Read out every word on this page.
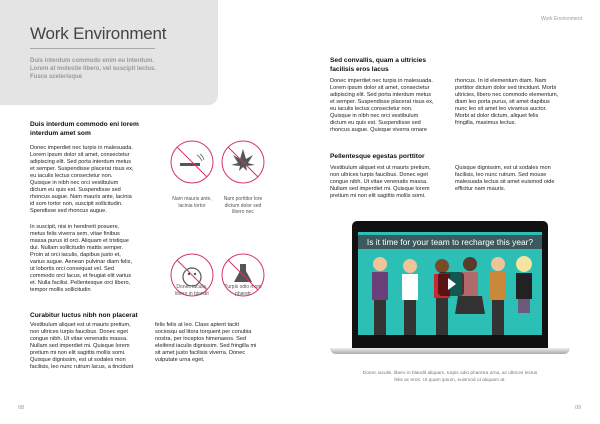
Work Environment
Duis interdum commodo enim eu interdum.
Lorem at molestie libero, vel suscipit lectus.
Fusce scelerisque
Duis interdum commodo eni lorem
interdum amet som
Donec imperdiet nec turpis in malesuada.
Lorem ipsum dolor sit amet, consectetur
adipiscing elit. Sed porta interdum metus
et semper. Suspendisse placerat risus ex,
eu iaculis lectus consectetur non.
Quisque in nibh nec orci vestibulum
dictum eu quis est. Suspendisse sed
rhoncus augue. Nam mauris ante, lacinia
id som tortor non, suscipit sollicitudin.
Spendisse sed rhoncus augue.
In suscipit, nisi in hendrerit posuere,
metus felis viverra sem, vitae finibus
massa purus id orci. Aliquam et tristique
dui. Nullam sollicitudin mattis semper.
Proin at orci iaculis, dapibus justo et,
varius augue. Aenean pulvinar diam felis,
ut lobortis orci consequat vel. Sed
commodo orci lacus, et feugiat elit varius
et. Nulla facilisi. Pellentesque orci libero,
tempor mollis sollicitudin
Nam mauris ante,
lacinia tortor
Nam porttitor lore
dictum dolor sed
libero nec
Donec iaculis,
libero in blandit
Turpis odio mom
pharetr
Curabitur luctus nibh non placerat
Vestibulum aliquet est ut mauris pretium,
non ultrices turpis faucibus. Donec eget
congue nibh. Ut vitae venenatis massa.
Nullam sed imperdiet mi. Quisque lorem
pretium mi non elit sagittis mollis somi.
Quisque dignissim, est ut sodales mon
facilisis, leo nunc rutrum lacus, a tincidunt
felis felis at leo. Class aptent taciti
sociosqu ad litora torquent per conubia
nostra, per inceptos himenaeos. Sed
eleifend iaculis dignissim. Sed fringilla mi
sit amet justo facilisis viverra. Donec
vulputate urna eget.
08
Work Environment
Sed convallis, quam a ultricies
facilisis eros lacus
Donec imperdiet nec turpis in malesuada.
Lorem ipsum dolor sit amet, consectetur
adipiscing elit. Sed porta interdum metus
et semper. Suspendisse placerat risus ex,
eu iaculis lectus consectetur non.
Quisque in nibh nec orci vestibulum
dictum eu quis est. Suspendisse sed
rhoncus augue. Quisque viverra ornare
rhoncus. In id elementum diam. Nam
porttitor dictum dolor sed tincidunt. Morbi
ultricies, libero nec commodo elementum,
diam leo porta purus, sit amet dapibus
nunc leo sit amet leo vivamus auctor.
Morbi at dolor dictum, aliquet felis
fringilla, maximus lectus.
Pellentesque egestas porttitor
Vestibulum aliquet est ut mauris pretium,
non ultrices turpis faucibus. Donec eget
congue nibh. Ut vitae venenatis massa.
Nullam sed imperdiet mi. Quisque lorem
pretium mi non elit sagittis mollis somi.
Quisque dignissim, est ut sodales mon
facilisis, leo nunc rutrum. Sed mouse
malesuada lectus sit amet euismod oide
efficitur nam mauris.
Is it time for your team to recharge this year?
Donec iaculis, libero in blandit aliquam, turpis odio pharetra urna, ac ultrices lectus
felis ac eros. Ut quam ipsum, euismod ut aliquam at.
09
